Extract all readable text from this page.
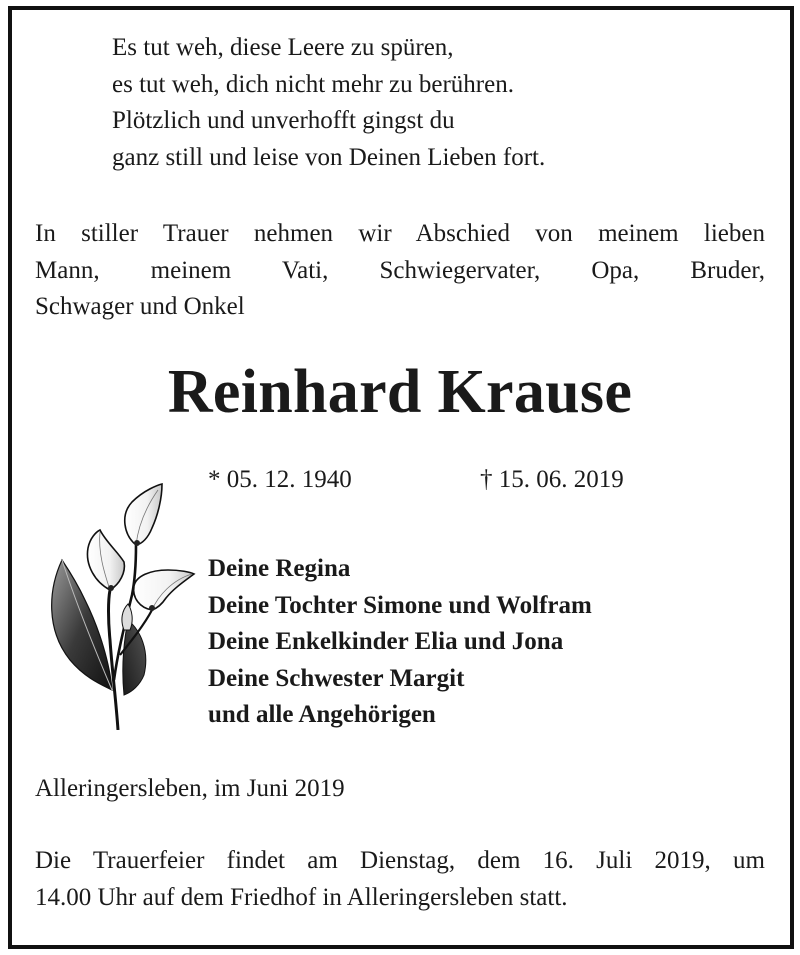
Es tut weh, diese Leere zu spüren,
es tut weh, dich nicht mehr zu berühren.
Plötzlich und unverhofft gingst du
ganz still und leise von Deinen Lieben fort.
In stiller Trauer nehmen wir Abschied von meinem lieben
Mann, meinem Vati, Schwiegervater, Opa, Bruder,
Schwager und Onkel
Reinhard Krause
* 05. 12. 1940	† 15. 06. 2019
Deine Regina
Deine Tochter Simone und Wolfram
Deine Enkelkinder Elia und Jona
Deine Schwester Margit
und alle Angehörigen
Alleringersleben, im Juni 2019
Die Trauerfeier findet am Dienstag, dem 16. Juli 2019, um
14.00 Uhr auf dem Friedhof in Alleringersleben statt.
